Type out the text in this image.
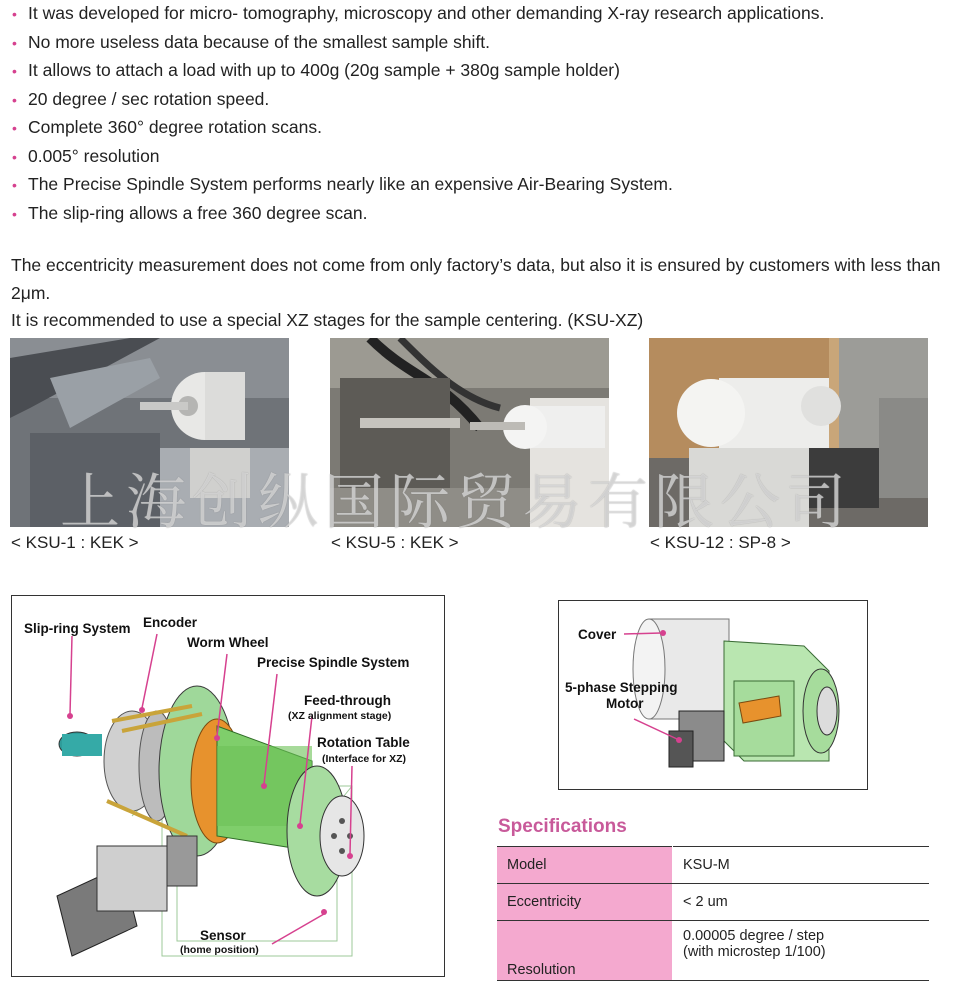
• It was developed for micro- tomography, microscopy and other demanding X-ray research applications.
• No more useless data because of the smallest sample shift.
• It allows to attach a load with up to 400g (20g sample + 380g sample holder)
• 20 degree / sec rotation speed.
• Complete 360° degree rotation scans.
• 0.005° resolution
• The Precise Spindle System performs nearly like an expensive Air-Bearing System.
• The slip-ring allows a free 360 degree scan.

The eccentricity measurement does not come from only factory’s data, but also it is ensured by customers with less than 2μm.

It is recommended to use a special XZ stages for the sample centering. (KSU-XZ)

上海创纵国际贸易有限公司
< KSU-1 : KEK >	< KSU-5 : KEK >	< KSU-12 : SP-8 >
Slip-ring System Encoder
Worm Wheel
Precise Spindle System
Feed-through
(XZ alignment stage)
Rotation Table
(Interface for XZ)
Sensor
(home position)
Cover
5-phase Stepping
Motor
Specifications
Model	KSU-M
Eccentricity	< 2 um
Resolution	0.00005 degree / step
(with microstep 1/100)
